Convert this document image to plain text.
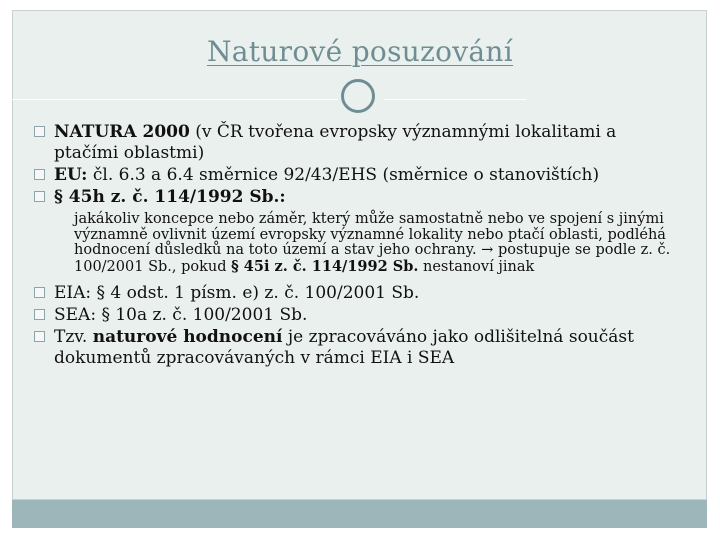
Naturové posuzování
NATURA 2000 (v ČR tvořena evropsky významnými lokalitami a ptačími oblastmi)
EU: čl. 6.3 a 6.4 směrnice 92/43/EHS (směrnice o stanovištích)
§ 45h z. č. 114/1992 Sb.:
jakákoliv koncepce nebo záměr, který může samostatně nebo ve spojení s jinými významně ovlivnit území evropsky významné lokality nebo ptačí oblasti, podléhá hodnocení důsledků na toto území a stav jeho ochrany. → postupuje se podle z. č. 100/2001 Sb., pokud § 45i z. č. 114/1992 Sb. nestanoví jinak
EIA: § 4 odst. 1 písm. e) z. č. 100/2001 Sb.
SEA: § 10a z. č. 100/2001 Sb.
Tzv. naturové hodnocení je zpracováváno jako odlišitelná součást dokumentů zpracovávaných v rámci EIA i SEA
